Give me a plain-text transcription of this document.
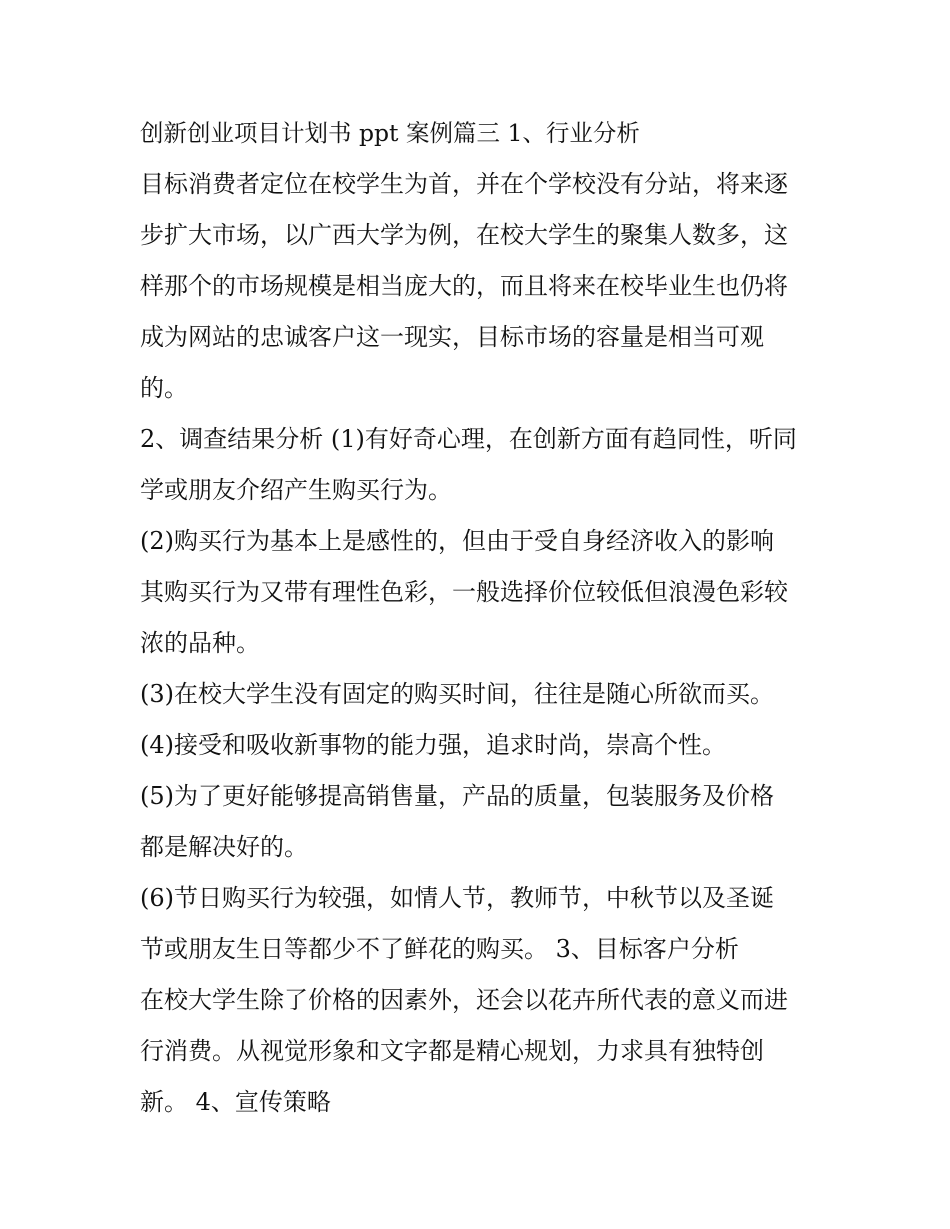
创新创业项目计划书 ppt 案例篇三 1、行业分析
目标消费者定位在校学生为首，并在个学校没有分站，将来逐
步扩大市场，以广西大学为例，在校大学生的聚集人数多，这
样那个的市场规模是相当庞大的，而且将来在校毕业生也仍将
成为网站的忠诚客户这一现实，目标市场的容量是相当可观
的。
2、调查结果分析 (1)有好奇心理，在创新方面有趋同性，听同
学或朋友介绍产生购买行为。
(2)购买行为基本上是感性的，但由于受自身经济收入的影响
其购买行为又带有理性色彩，一般选择价位较低但浪漫色彩较
浓的品种。
(3)在校大学生没有固定的购买时间，往往是随心所欲而买。
(4)接受和吸收新事物的能力强，追求时尚，崇高个性。
(5)为了更好能够提高销售量，产品的质量，包装服务及价格
都是解决好的。
(6)节日购买行为较强，如情人节，教师节，中秋节以及圣诞
节或朋友生日等都少不了鲜花的购买。 3、目标客户分析
在校大学生除了价格的因素外，还会以花卉所代表的意义而进
行消费。从视觉形象和文字都是精心规划，力求具有独特创
新。 4、宣传策略
